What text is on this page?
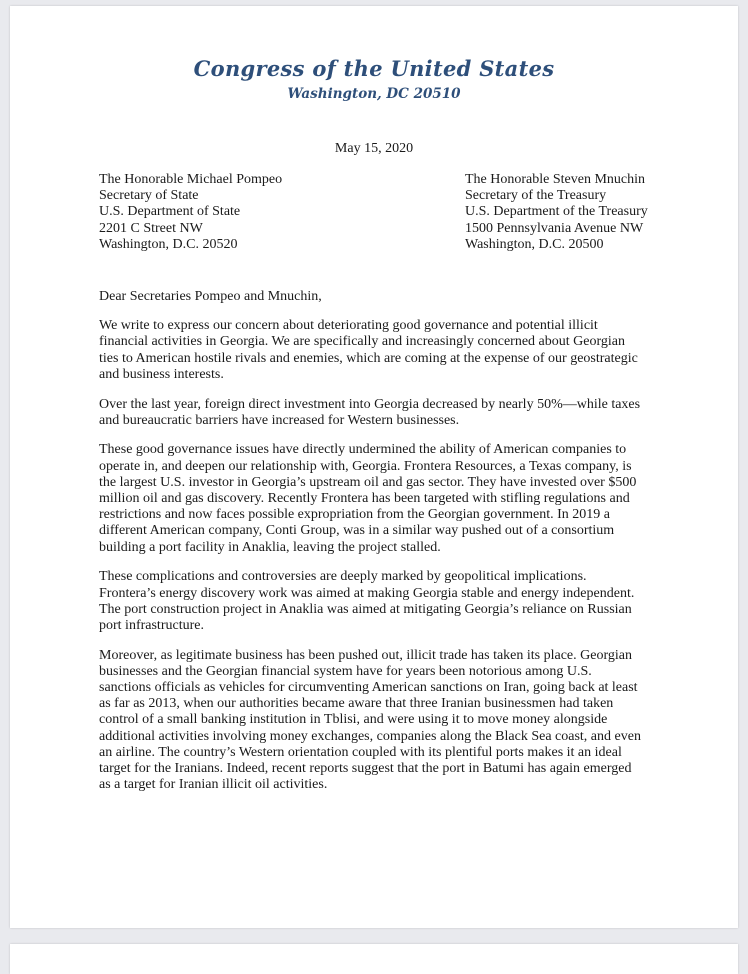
Congress of the United States
Washington, DC 20510
May 15, 2020
The Honorable Michael Pompeo
Secretary of State
U.S. Department of State
2201 C Street NW
Washington, D.C. 20520
The Honorable Steven Mnuchin
Secretary of the Treasury
U.S. Department of the Treasury
1500 Pennsylvania Avenue NW
Washington, D.C. 20500
Dear Secretaries Pompeo and Mnuchin,
We write to express our concern about deteriorating good governance and potential illicit
financial activities in Georgia. We are specifically and increasingly concerned about Georgian
ties to American hostile rivals and enemies, which are coming at the expense of our geostrategic
and business interests.
Over the last year, foreign direct investment into Georgia decreased by nearly 50%—while taxes
and bureaucratic barriers have increased for Western businesses.
These good governance issues have directly undermined the ability of American companies to
operate in, and deepen our relationship with, Georgia. Frontera Resources, a Texas company, is
the largest U.S. investor in Georgia’s upstream oil and gas sector. They have invested over $500
million oil and gas discovery. Recently Frontera has been targeted with stifling regulations and
restrictions and now faces possible expropriation from the Georgian government. In 2019 a
different American company, Conti Group, was in a similar way pushed out of a consortium
building a port facility in Anaklia, leaving the project stalled.
These complications and controversies are deeply marked by geopolitical implications.
Frontera’s energy discovery work was aimed at making Georgia stable and energy independent.
The port construction project in Anaklia was aimed at mitigating Georgia’s reliance on Russian
port infrastructure.
Moreover, as legitimate business has been pushed out, illicit trade has taken its place. Georgian
businesses and the Georgian financial system have for years been notorious among U.S.
sanctions officials as vehicles for circumventing American sanctions on Iran, going back at least
as far as 2013, when our authorities became aware that three Iranian businessmen had taken
control of a small banking institution in Tblisi, and were using it to move money alongside
additional activities involving money exchanges, companies along the Black Sea coast, and even
an airline. The country’s Western orientation coupled with its plentiful ports makes it an ideal
target for the Iranians. Indeed, recent reports suggest that the port in Batumi has again emerged
as a target for Iranian illicit oil activities.
